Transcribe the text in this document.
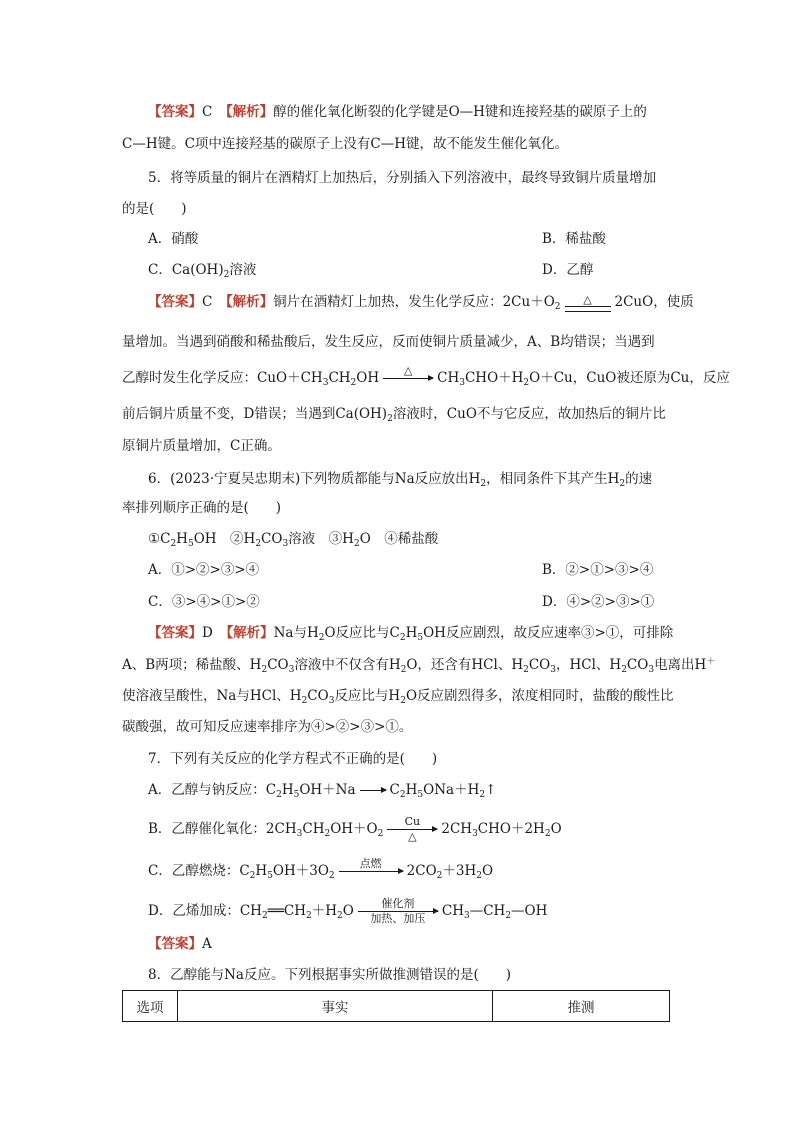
【答案】C　 【解析】醇的催化氧化断裂的化学键是O—H键和连接羟基的碳原子上的
C—H键。C项中连接羟基的碳原子上没有C—H键，故不能发生催化氧化。
5．将等质量的铜片在酒精灯上加热后，分别插入下列溶液中，最终导致铜片质量增加
的是(　　)
A．硝酸	B．稀盐酸
C．$Ca(OH)_2$溶液	D．乙醇
【答案】C　 【解析】铜片在酒精灯上加热，发生化学反应：$2Cu+O_2$
△	2CuO，使质
量增加。当遇到硝酸和稀盐酸后，发生反应，反而使铜片质量减少，A、B均错误；当遇到
乙醇时发生化学反应：$CuO+CH_3CH_2OH$	△
	$CH_3CHO+H_2O+Cu$，CuO被还原为Cu，反应
前后铜片质量不变，D错误；当遇到$Ca(OH)_2$溶液时，CuO不与它反应，故加热后的铜片比
原铜片质量增加，C正确。
6．(2023·宁夏吴忠期末)下列物质都能与Na反应放出$H_2$，相同条件下其产生$H_2$的速
率排列顺序正确的是(　　)
$①C_2H_5OH$　$②H_2CO_3$溶液　$③H_2O$　④稀盐酸
A．①>②>③>④	B．②>①>③>④
C．③>④>①>②	D．④>②>③>①
【答案】D　 【解析】Na与$H_2O$反应比与$C_2H_5OH$反应剧烈，故反应速率③>①，可排除
A、B两项；稀盐酸、$H_2CO_3$溶液中不仅含有$H_2O$，还含有HCl、$H_2CO_3$，HCl、$H_2CO_3$电离出H＋
使溶液呈酸性，Na与HCl、$H_2CO_3$反应比与$H_2O$反应剧烈得多，浓度相同时，盐酸的酸性比
碳酸强，故可知反应速率排序为④>②>③>①。
7．下列有关反应的化学方程式不正确的是(　　)
A．乙醇与钠反应：$C_2H_5OH+Na$ → $C_2H_5ONa+H_2↑$
B．乙醇催化氧化：$2CH_3CH_2OH+O_2$
Cu
△	$2CH_3CHO+2H_2O$
C．乙醇燃烧：$C_2H_5OH+3O_2$
点燃
	$2CO_2+3H_2O$
D．乙烯加成：$CH_2══CH_2+H_2O$	催化剂
加热、加压	$CH_3—CH_2—OH$
【答案】A
8．乙醇能与Na反应。下列根据事实所做推测错误的是(　　)
选项	事实	推测
